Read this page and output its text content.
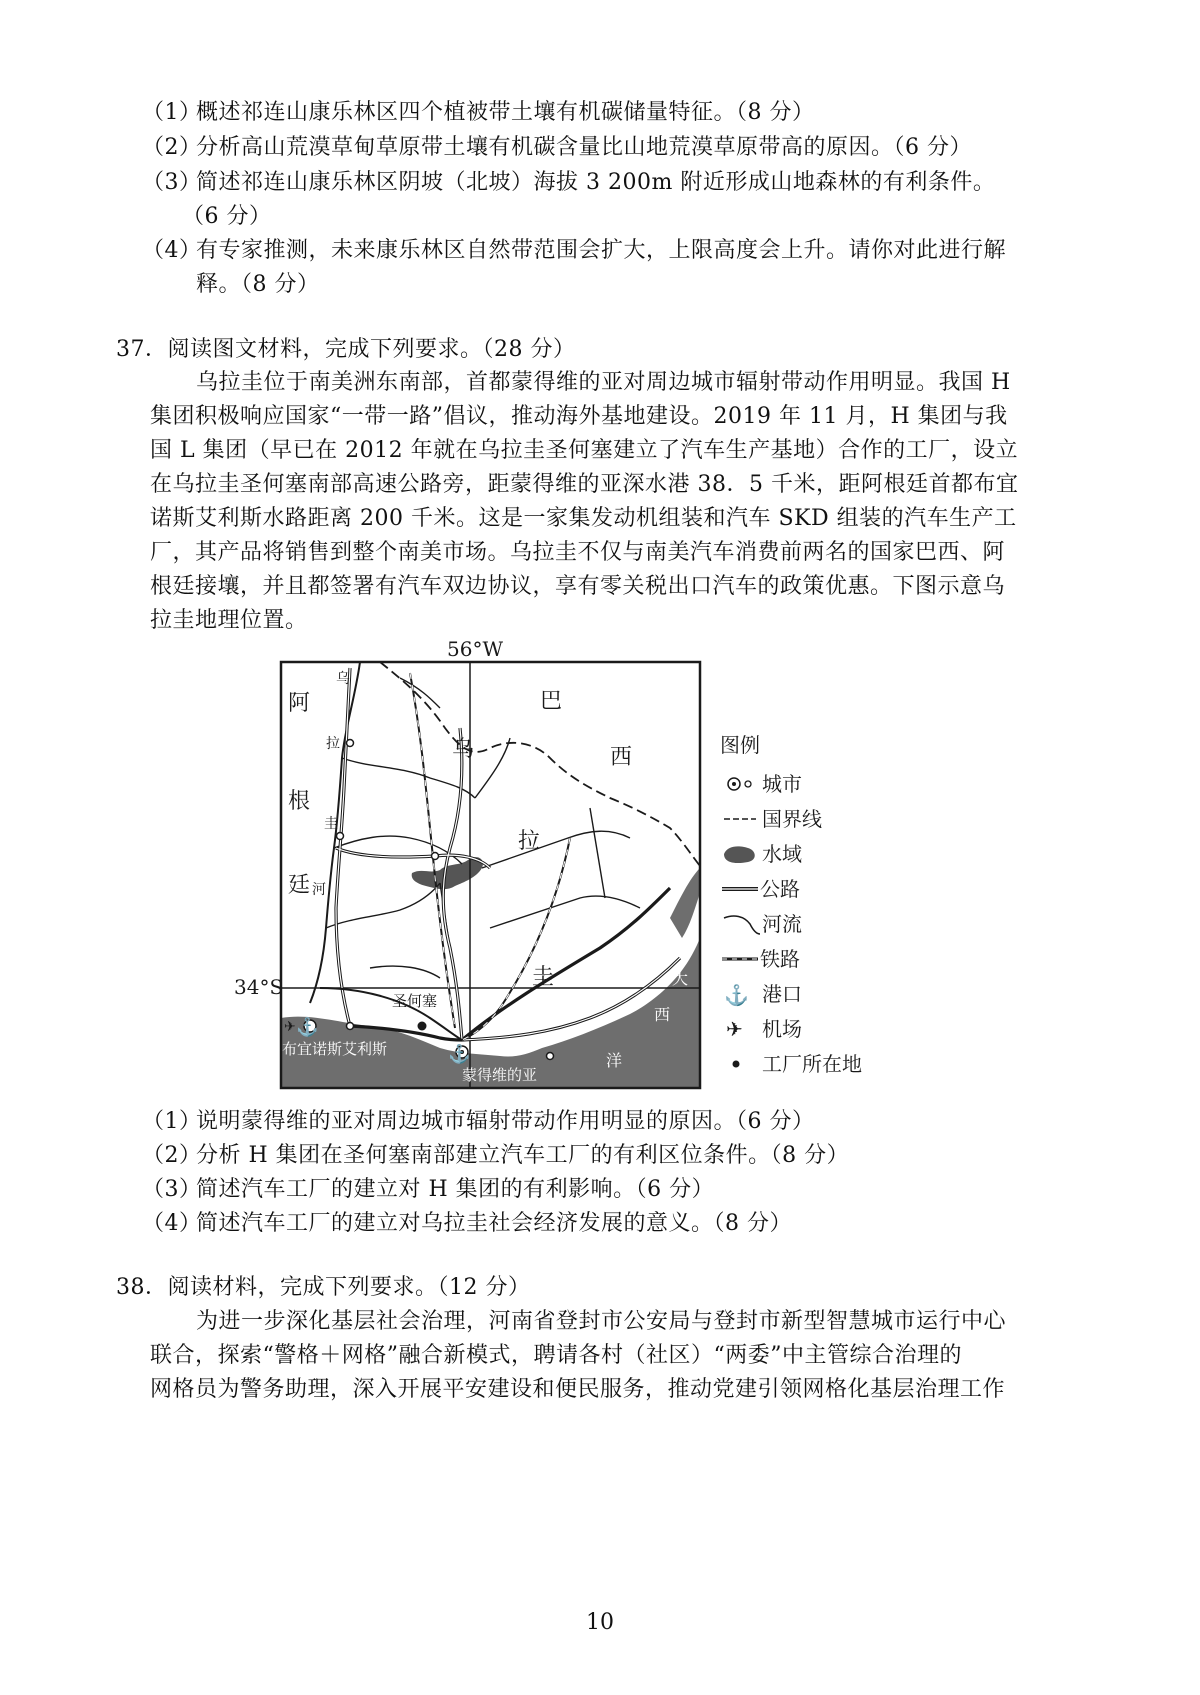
（1）
概述祁连山康乐林区四个植被带土壤有机碳储量特征。（8 分）
（2）
分析高山荒漠草甸草原带土壤有机碳含量比山地荒漠草原带高的原因。（6 分）
（3）
简述祁连山康乐林区阴坡（北坡）海拔 3 200m 附近形成山地森林的有利条件。
（6 分）
（4）
有专家推测，未来康乐林区自然带范围会扩大，上限高度会上升。请你对此进行解
释。（8 分）
37．阅读图文材料，完成下列要求。（28 分）
乌拉圭位于南美洲东南部，首都蒙得维的亚对周边城市辐射带动作用明显。我国 H
集团积极响应国家“一带一路”倡议，推动海外基地建设。2019 年 11 月，H 集团与我
国 L 集团（早已在 2012 年就在乌拉圭圣何塞建立了汽车生产基地）合作的工厂，设立
在乌拉圭圣何塞南部高速公路旁，距蒙得维的亚深水港 38．5 千米，距阿根廷首都布宜
诺斯艾利斯水路距离 200 千米。这是一家集发动机组装和汽车 SKD 组装的汽车生产工
厂，其产品将销售到整个南美市场。乌拉圭不仅与南美汽车消费前两名的国家巴西、阿
根廷接壤，并且都签署有汽车双边协议，享有零关税出口汽车的政策优惠。下图示意乌
拉圭地理位置。
⚓
⚓
✈
56°W
34°S
阿
根
廷
乌
拉
圭
河
巴
西
乌
拉
圭	大
西
洋
圣何塞
布宜诺斯艾利斯
蒙得维的亚
图例
城市
国界线
水域
公路
河流
铁路
⚓ 港口
✈ 机场
工厂所在地
（1）
说明蒙得维的亚对周边城市辐射带动作用明显的原因。（6 分）
（2）
分析 H 集团在圣何塞南部建立汽车工厂的有利区位条件。（8 分）
（3）
简述汽车工厂的建立对 H 集团的有利影响。（6 分）
（4）
简述汽车工厂的建立对乌拉圭社会经济发展的意义。（8 分）
38．阅读材料，完成下列要求。（12 分）
为进一步深化基层社会治理，河南省登封市公安局与登封市新型智慧城市运行中心
联合，探索“警格＋网格”融合新模式，聘请各村（社区）“两委”中主管综合治理的
网格员为警务助理，深入开展平安建设和便民服务，推动党建引领网格化基层治理工作
10
